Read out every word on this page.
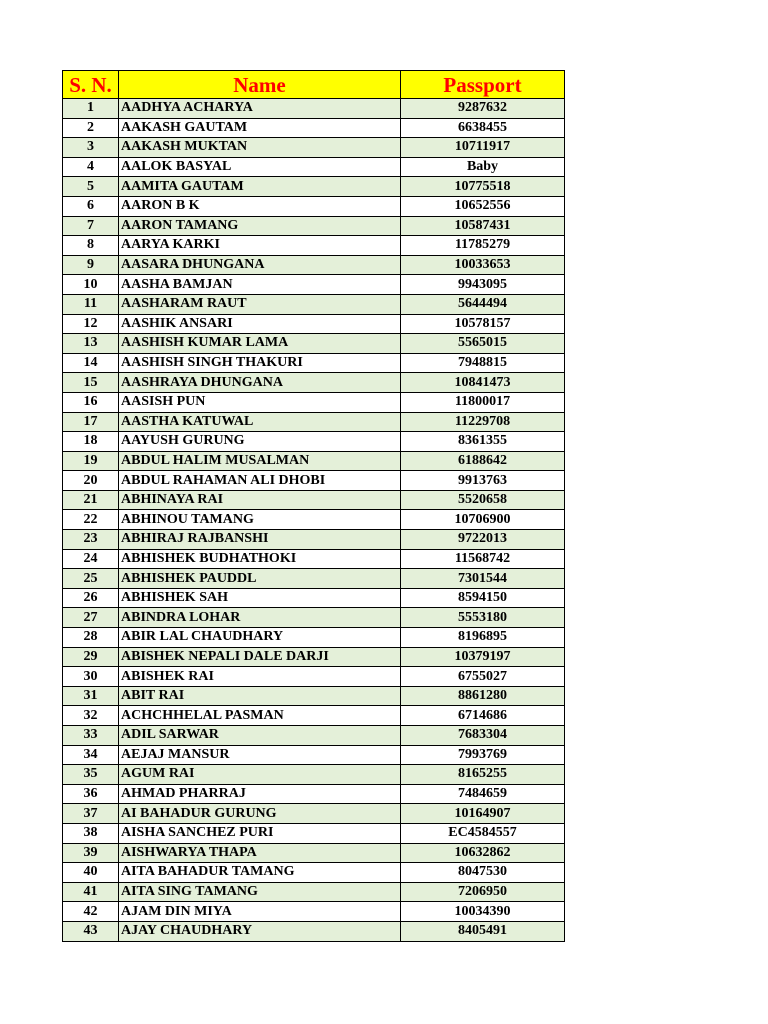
S. N.	Name	Passport
1	AADHYA ACHARYA	9287632
2	AAKASH GAUTAM	6638455
3	AAKASH MUKTAN	10711917
4	AALOK BASYAL	Baby
5	AAMITA GAUTAM	10775518
6	AARON B K	10652556
7	AARON TAMANG	10587431
8	AARYA KARKI	11785279
9	AASARA DHUNGANA	10033653
10	AASHA BAMJAN	9943095
11	AASHARAM RAUT	5644494
12	AASHIK ANSARI	10578157
13	AASHISH KUMAR LAMA	5565015
14	AASHISH SINGH THAKURI	7948815
15	AASHRAYA DHUNGANA	10841473
16	AASISH PUN	11800017
17	AASTHA KATUWAL	11229708
18	AAYUSH GURUNG	8361355
19	ABDUL HALIM MUSALMAN	6188642
20	ABDUL RAHAMAN ALI DHOBI	9913763
21	ABHINAYA RAI	5520658
22	ABHINOU TAMANG	10706900
23	ABHIRAJ RAJBANSHI	9722013
24	ABHISHEK BUDHATHOKI	11568742
25	ABHISHEK PAUDDL	7301544
26	ABHISHEK SAH	8594150
27	ABINDRA LOHAR	5553180
28	ABIR LAL CHAUDHARY	8196895
29	ABISHEK NEPALI DALE DARJI	10379197
30	ABISHEK RAI	6755027
31	ABIT RAI	8861280
32	ACHCHHELAL PASMAN	6714686
33	ADIL SARWAR	7683304
34	AEJAJ MANSUR	7993769
35	AGUM RAI	8165255
36	AHMAD PHARRAJ	7484659
37	AI BAHADUR GURUNG	10164907
38	AISHA SANCHEZ PURI	EC4584557
39	AISHWARYA THAPA	10632862
40	AITA BAHADUR TAMANG	8047530
41	AITA SING TAMANG	7206950
42	AJAM DIN MIYA	10034390
43	AJAY CHAUDHARY	8405491
